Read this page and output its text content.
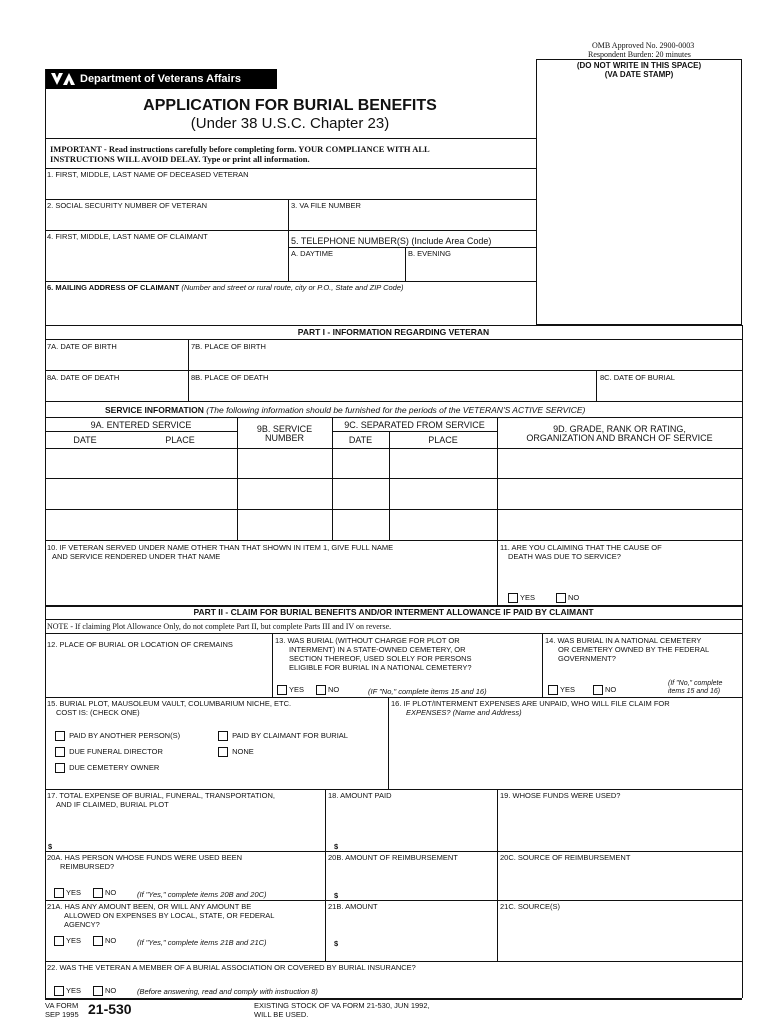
OMB Approved No. 2900-0003
Respondent Burden: 20 minutes
(DO NOT WRITE IN THIS SPACE)
(VA DATE STAMP)
Department of Veterans Affairs
APPLICATION FOR BURIAL BENEFITS
(Under 38 U.S.C. Chapter 23)
IMPORTANT - Read instructions carefully before completing form. YOUR COMPLIANCE WITH ALL
INSTRUCTIONS WILL AVOID DELAY. Type or print all information.
1. FIRST, MIDDLE, LAST NAME OF DECEASED VETERAN
2. SOCIAL SECURITY NUMBER OF VETERAN	3. VA FILE NUMBER
4. FIRST, MIDDLE, LAST NAME OF CLAIMANT	5. TELEPHONE NUMBER(S) (Include Area Code)
A. DAYTIME	B. EVENING
6. MAILING ADDRESS OF CLAIMANT (Number and street or rural route, city or P.O., State and ZIP Code)
PART I - INFORMATION REGARDING VETERAN
7A. DATE OF BIRTH	7B. PLACE OF BIRTH
8A. DATE OF DEATH	8B. PLACE OF DEATH	8C. DATE OF BURIAL
SERVICE INFORMATION (The following information should be furnished for the periods of the VETERAN'S ACTIVE SERVICE)
9A. ENTERED SERVICE
DATE	PLACE
9B. SERVICE
NUMBER
9C. SEPARATED FROM SERVICE
DATE	PLACE
9D. GRADE, RANK OR RATING,
ORGANIZATION AND BRANCH OF SERVICE
10. IF VETERAN SERVED UNDER NAME OTHER THAN THAT SHOWN IN ITEM 1, GIVE FULL NAME
AND SERVICE RENDERED UNDER THAT NAME
11. ARE YOU CLAIMING THAT THE CAUSE OF
DEATH WAS DUE TO SERVICE?
YES	NO
PART II - CLAIM FOR BURIAL BENEFITS AND/OR INTERMENT ALLOWANCE IF PAID BY CLAIMANT
NOTE - If claiming Plot Allowance Only, do not complete Part II, but complete Parts III and IV on reverse.
12. PLACE OF BURIAL OR LOCATION OF CREMAINS	13. WAS BURIAL (WITHOUT CHARGE FOR PLOT OR
INTERMENT) IN A STATE-OWNED CEMETERY, OR
SECTION THEREOF, USED SOLELY FOR PERSONS
ELIGIBLE FOR BURIAL IN A NATIONAL CEMETERY?
YES	NO	(IF "No," complete items 15 and 16)
14. WAS BURIAL IN A NATIONAL CEMETERY
OR CEMETERY OWNED BY THE FEDERAL
GOVERNMENT?
YES	NO
(If "No," complete
items 15 and 16)
15. BURIAL PLOT, MAUSOLEUM VAULT, COLUMBARIUM NICHE, ETC.
COST IS: (CHECK ONE)
PAID BY ANOTHER PERSON(S)	PAID BY CLAIMANT FOR BURIAL
DUE FUNERAL DIRECTOR	NONE
DUE CEMETERY OWNER
16. IF PLOT/INTERMENT EXPENSES ARE UNPAID, WHO WILL FILE CLAIM FOR
EXPENSES? (Name and Address)
17. TOTAL EXPENSE OF BURIAL, FUNERAL, TRANSPORTATION,
AND IF CLAIMED, BURIAL PLOT
$
18. AMOUNT PAID
$
19. WHOSE FUNDS WERE USED?
20A. HAS PERSON WHOSE FUNDS WERE USED BEEN
REIMBURSED?
YES	NO	(If "Yes," complete items 20B and 20C)
20B. AMOUNT OF REIMBURSEMENT
$
20C. SOURCE OF REIMBURSEMENT
21A. HAS ANY AMOUNT BEEN, OR WILL ANY AMOUNT BE
ALLOWED ON EXPENSES BY LOCAL, STATE, OR FEDERAL
AGENCY?
YES	NO	(If "Yes," complete items 21B and 21C)
21B. AMOUNT
$
21C. SOURCE(S)
22. WAS THE VETERAN A MEMBER OF A BURIAL ASSOCIATION OR COVERED BY BURIAL INSURANCE?
YES	NO	(Before answering, read and comply with instruction 8)
VA FORM
SEP 1995 21-530	EXISTING STOCK OF VA FORM 21-530, JUN 1992,
WILL BE USED.
